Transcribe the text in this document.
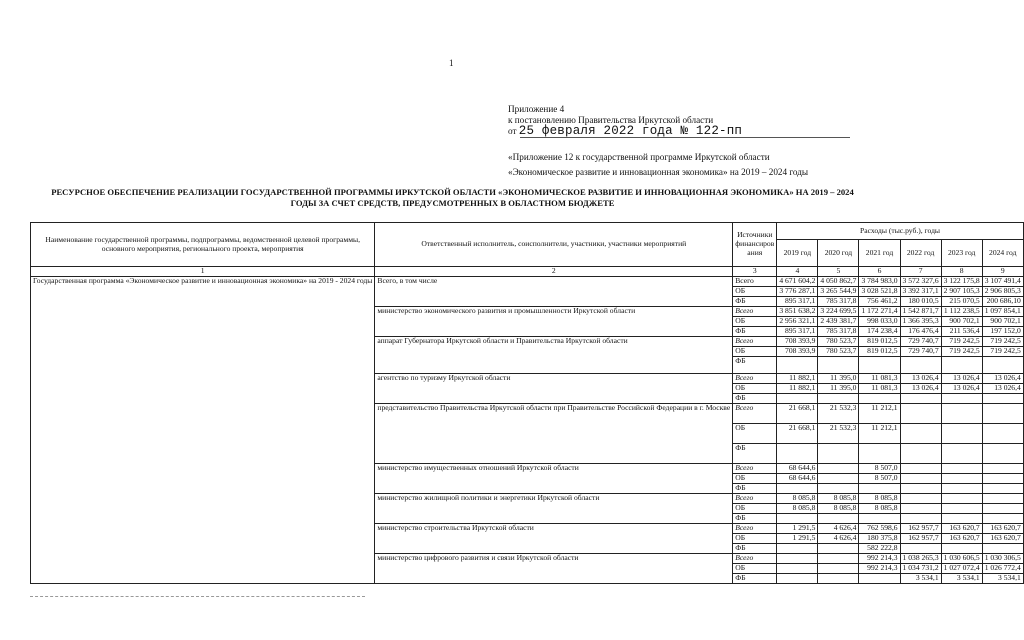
1
Приложение 4
к постановлению Правительства Иркутской области
от 25 февраля 2022 года № 122-пп
«Приложение 12 к государственной программе Иркутской области
«Экономическое развитие и инновационная экономика» на 2019 – 2024 годы
РЕСУРСНОЕ ОБЕСПЕЧЕНИЕ РЕАЛИЗАЦИИ ГОСУДАРСТВЕННОЙ ПРОГРАММЫ ИРКУТСКОЙ ОБЛАСТИ «ЭКОНОМИЧЕСКОЕ РАЗВИТИЕ И ИННОВАЦИОННАЯ ЭКОНОМИКА» НА 2019 – 2024
ГОДЫ ЗА СЧЕТ СРЕДСТВ, ПРЕДУСМОТРЕННЫХ В ОБЛАСТНОМ БЮДЖЕТЕ
Наименование государственной программы, подпрограммы, ведомственной целевой программы, основного мероприятия, регионального проекта, мероприятия	Ответственный исполнитель, соисполнители, участники, участники мероприятий	Источники финансиров ания	Расходы (тыс.руб.), годы					
			2019 год	2020 год	2021 год	2022 год	2023 год	2024 год
1	2	3	4	5	6	7	8	9
Государственная программа «Экономическое развитие и инновационная экономика» на 2019 - 2024 годы	Всего, в том числе	Всего	4 671 604,2	4 050 862,7	3 784 983,0	3 572 327,6	3 122 175,8	3 107 491,4
		ОБ	3 776 287,1	3 265 544,9	3 028 521,8	3 392 317,1	2 907 105,3	2 906 805,3
		ФБ	895 317,1	785 317,8	756 461,2	180 010,5	215 070,5	200 686,10
	министерство экономического развития и промышленности Иркутской области	Всего	3 851 638,2	3 224 699,5	1 172 271,4	1 542 871,7	1 112 238,5	1 097 854,1
		ОБ	2 956 321,1	2 439 381,7	998 033,0	1 366 395,3	900 702,1	900 702,1
		ФБ	895 317,1	785 317,8	174 238,4	176 476,4	211 536,4	197 152,0
	аппарат Губернатора Иркутской области и Правительства Иркутской области	Всего	708 393,9	780 523,7	819 012,5	729 740,7	719 242,5	719 242,5
		ОБ	708 393,9	780 523,7	819 012,5	729 740,7	719 242,5	719 242,5
		ФБ						
	агентство по туризму Иркутской области	Всего	11 882,1	11 395,0	11 081,3	13 026,4	13 026,4	13 026,4
		ОБ	11 882,1	11 395,0	11 081,3	13 026,4	13 026,4	13 026,4
		ФБ						
	представительство Правительства Иркутской области при Правительстве Российской Федерации в г. Москве	Всего	21 668,1	21 532,3	11 212,1			
		ОБ	21 668,1	21 532,3	11 212,1			
		ФБ						
	министерство имущественных отношений Иркутской области	Всего	68 644,6		8 507,0			
		ОБ	68 644,6		8 507,0			
		ФБ						
	министерство жилищной политики и энергетики Иркутской области	Всего	8 085,8	8 085,8	8 085,8			
		ОБ	8 085,8	8 085,8	8 085,8			
		ФБ						
	министерство строительства Иркутской области	Всего	1 291,5	4 626,4	762 598,6	162 957,7	163 620,7	163 620,7
		ОБ	1 291,5	4 626,4	180 375,8	162 957,7	163 620,7	163 620,7
		ФБ			582 222,8			
	министерство цифрового развития и связи Иркутской области	Всего			992 214,3	1 038 265,3	1 030 606,5	1 030 306,5
		ОБ			992 214,3	1 034 731,2	1 027 072,4	1 026 772,4
		ФБ				3 534,1	3 534,1	3 534,1
